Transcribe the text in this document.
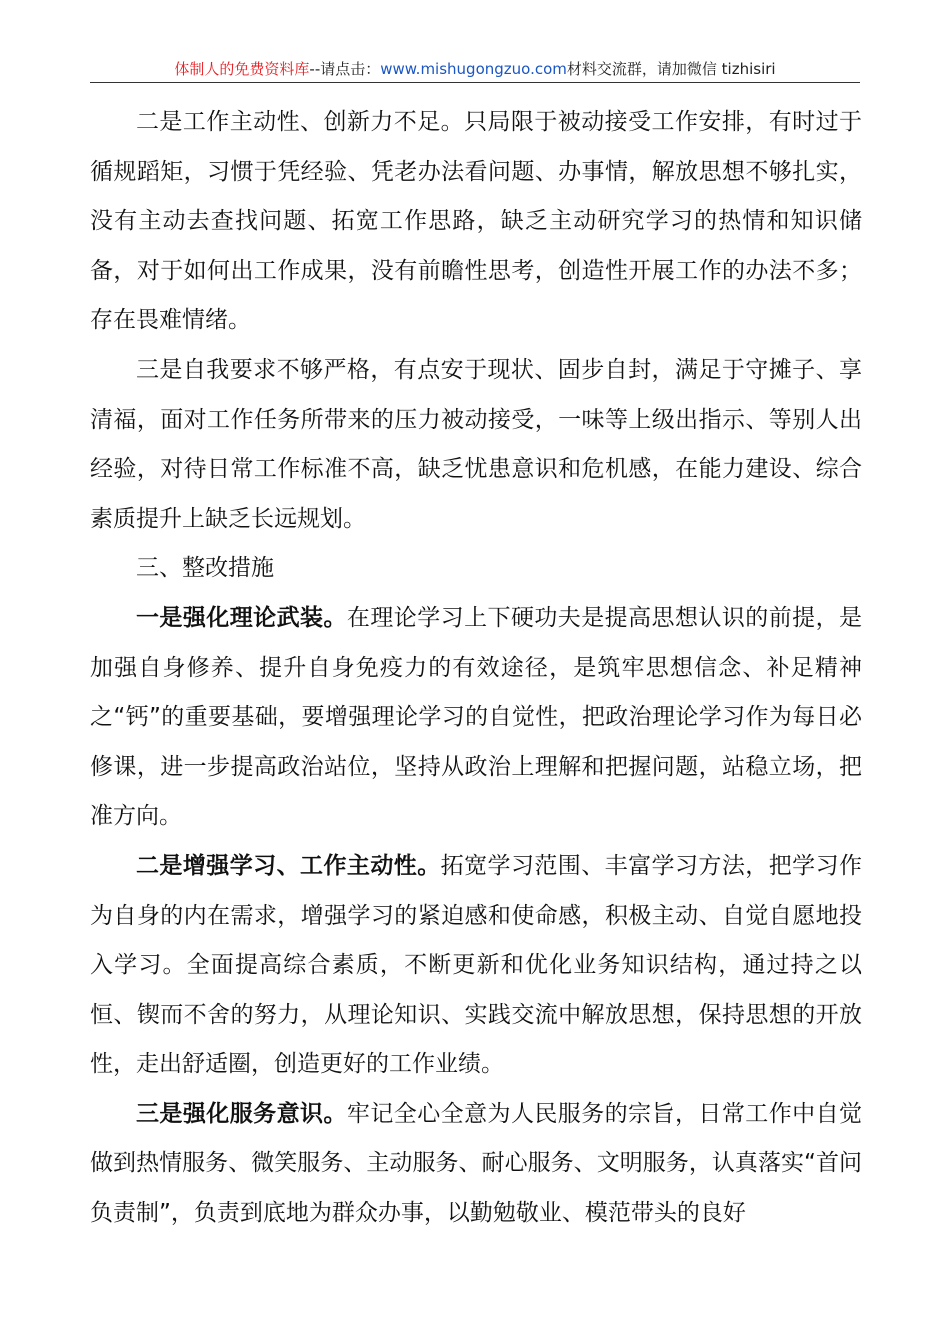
体制人的免费资料库--请点击：www.mishugongzuo.com材料交流群，请加微信 tizhisiri

二是工作主动性、创新力不足。只局限于被动接受工作安排，有时过于循规蹈矩，习惯于凭经验、凭老办法看问题、办事情，解放思想不够扎实，没有主动去查找问题、拓宽工作思路，缺乏主动研究学习的热情和知识储备，对于如何出工作成果，没有前瞻性思考，创造性开展工作的办法不多；存在畏难情绪。

三是自我要求不够严格，有点安于现状、固步自封，满足于守摊子、享清福，面对工作任务所带来的压力被动接受，一味等上级出指示、等别人出经验，对待日常工作标准不高，缺乏忧患意识和危机感，在能力建设、综合素质提升上缺乏长远规划。

三、整改措施

一是强化理论武装。在理论学习上下硬功夫是提高思想认识的前提，是加强自身修养、提升自身免疫力的有效途径，是筑牢思想信念、补足精神之“钙”的重要基础，要增强理论学习的自觉性，把政治理论学习作为每日必修课，进一步提高政治站位，坚持从政治上理解和把握问题，站稳立场，把准方向。

二是增强学习、工作主动性。拓宽学习范围、丰富学习方法，把学习作为自身的内在需求，增强学习的紧迫感和使命感，积极主动、自觉自愿地投入学习。全面提高综合素质，不断更新和优化业务知识结构，通过持之以恒、锲而不舍的努力，从理论知识、实践交流中解放思想，保持思想的开放性，走出舒适圈，创造更好的工作业绩。

三是强化服务意识。牢记全心全意为人民服务的宗旨，日常工作中自觉做到热情服务、微笑服务、主动服务、耐心服务、文明服务，认真落实“首问负责制”，负责到底地为群众办事，以勤勉敬业、模范带头的良好
